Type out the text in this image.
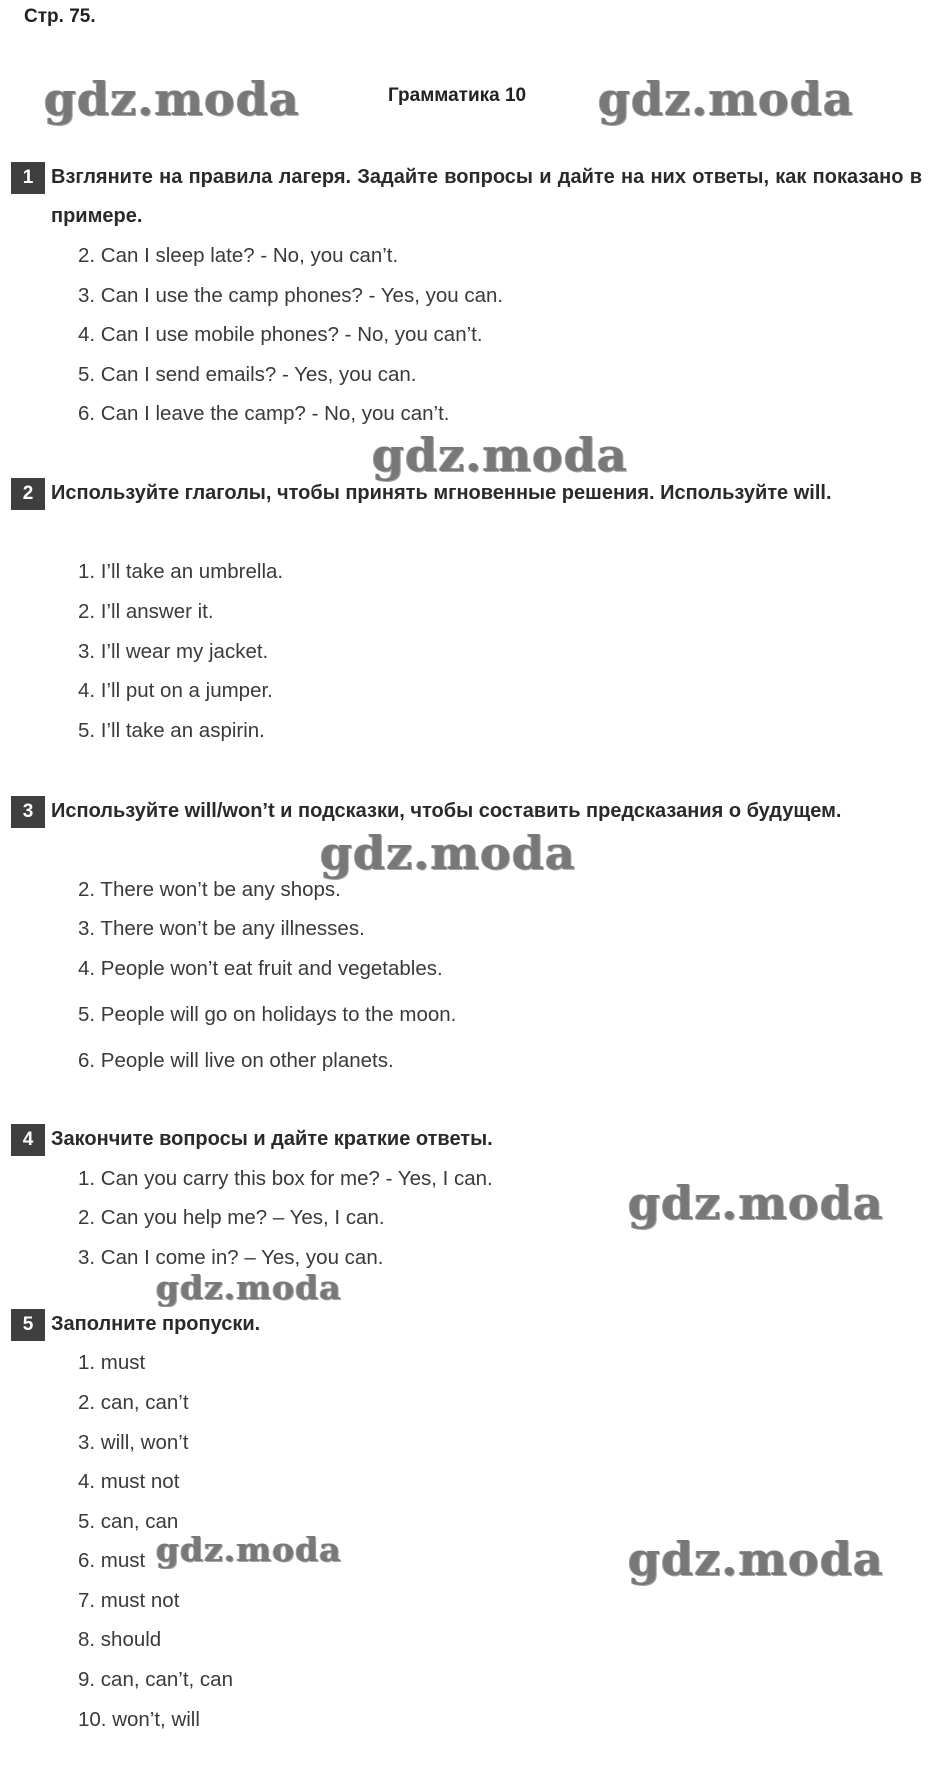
Стр. 75.
Грамматика 10
gdz.moda	gdz.moda
gdz.moda
gdz.moda
gdz.moda
gdz.moda
gdz.moda	gdz.moda
1 Взгляните на правила лагеря. Задайте вопросы и дайте на них ответы, как показано в примере.
2. Can I sleep late? - No, you can’t.
3. Can I use the camp phones? - Yes, you can.
4. Can I use mobile phones? - No, you can’t.
5. Can I send emails? - Yes, you can.
6. Can I leave the camp? - No, you can’t.
2 Используйте глаголы, чтобы принять мгновенные решения. Используйте will.
1. I’ll take an umbrella.
2. I’ll answer it.
3. I’ll wear my jacket.
4. I’ll put on a jumper.
5. I’ll take an aspirin.
3 Используйте will/won’t и подсказки, чтобы составить предсказания о будущем.
2. There won’t be any shops.
3. There won’t be any illnesses.
4. People won’t eat fruit and vegetables.
5. People will go on holidays to the moon.
6. People will live on other planets.
4 Закончите вопросы и дайте краткие ответы.
1. Can you carry this box for me? - Yes, I can.
2. Can you help me? – Yes, I can.
3. Can I come in? – Yes, you can.
5 Заполните пропуски.
1. must
2. can, can’t
3. will, won’t
4. must not
5. can, can
6. must
7. must not
8. should
9. can, can’t, can
10. won’t, will
